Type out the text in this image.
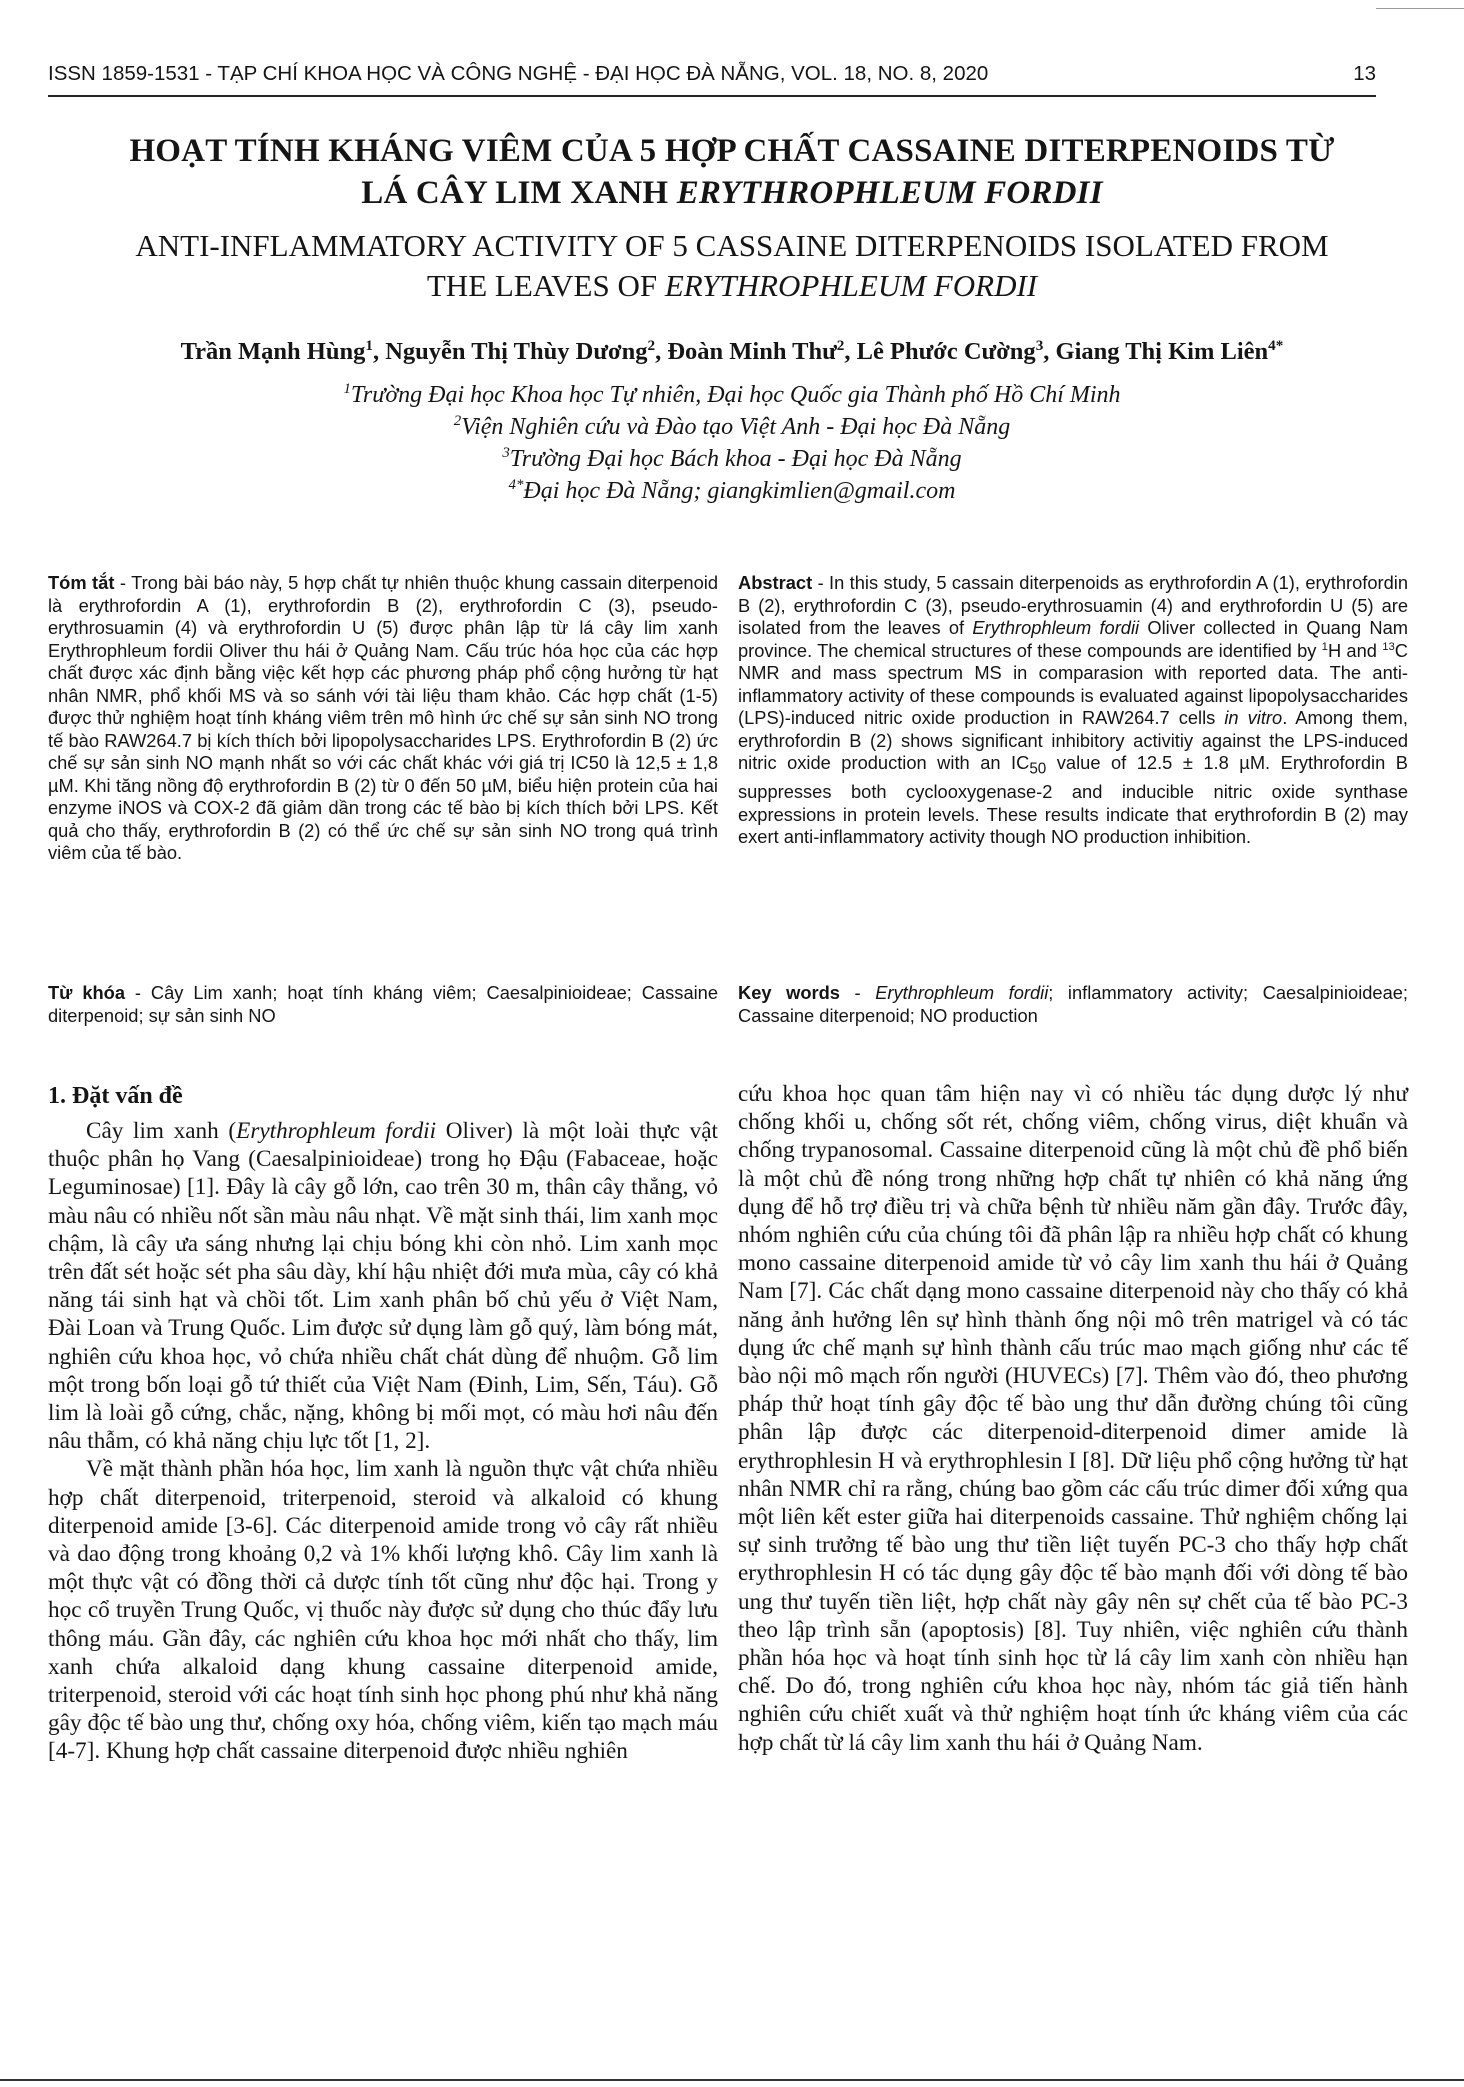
ISSN 1859-1531 - TẠP CHÍ KHOA HỌC VÀ CÔNG NGHỆ - ĐẠI HỌC ĐÀ NẴNG, VOL. 18, NO. 8, 2020	13
HOẠT TÍNH KHÁNG VIÊM CỦA 5 HỢP CHẤT CASSAINE DITERPENOIDS TỪ
LÁ CÂY LIM XANH ERYTHROPHLEUM FORDII
ANTI-INFLAMMATORY ACTIVITY OF 5 CASSAINE DITERPENOIDS ISOLATED FROM
THE LEAVES OF ERYTHROPHLEUM FORDII
Trần Mạnh Hùng$^1$, Nguyễn Thị Thùy Dương$^2$, Đoàn Minh Thư$^2$, Lê Phước Cường$^3$, Giang Thị Kim Liên$^{4*}$
$^1$Trường Đại học Khoa học Tự nhiên, Đại học Quốc gia Thành phố Hồ Chí Minh
$^2$Viện Nghiên cứu và Đào tạo Việt Anh - Đại học Đà Nẵng
$^3$Trường Đại học Bách khoa - Đại học Đà Nẵng
$^{4*}$Đại học Đà Nẵng; giangkimlien@gmail.com
Tóm tắt - Trong bài báo này, 5 hợp chất tự nhiên thuộc khung cassain diterpenoid là erythrofordin A (1), erythrofordin B (2), erythrofordin C (3), pseudo-erythrosuamin (4) và erythrofordin U (5) được phân lập từ lá cây lim xanh Erythrophleum fordii Oliver thu hái ở Quảng Nam. Cấu trúc hóa học của các hợp chất được xác định bằng việc kết hợp các phương pháp phổ cộng hưởng từ hạt nhân NMR, phổ khối MS và so sánh với tài liệu tham khảo. Các hợp chất (1-5) được thử nghiệm hoạt tính kháng viêm trên mô hình ức chế sự sản sinh NO trong tế bào RAW264.7 bị kích thích bởi lipopolysaccharides LPS. Erythrofordin B (2) ức chế sự sản sinh NO mạnh nhất so với các chất khác với giá trị IC50 là 12,5 ± 1,8 µM. Khi tăng nồng độ erythrofordin B (2) từ 0 đến 50 µM, biểu hiện protein của hai enzyme iNOS và COX-2 đã giảm dần trong các tế bào bị kích thích bởi LPS. Kết quả cho thấy, erythrofordin B (2) có thể ức chế sự sản sinh NO trong quá trình viêm của tế bào.
Abstract - In this study, 5 cassain diterpenoids as erythrofordin A (1), erythrofordin B (2), erythrofordin C (3), pseudo-erythrosuamin (4) and erythrofordin U (5) are isolated from the leaves of Erythrophleum fordii Oliver collected in Quang Nam province. The chemical structures of these compounds are identified by $^1$H and $^{13}$C NMR and mass spectrum MS in comparasion with reported data. The anti-inflammatory activity of these compounds is evaluated against lipopolysaccharides (LPS)-induced nitric oxide production in RAW264.7 cells in vitro. Among them, erythrofordin B (2) shows significant inhibitory activitiy against the LPS-induced nitric oxide production with an $IC_{50}$ value of 12.5 ± 1.8 µM. Erythrofordin B suppresses both cyclooxygenase-2 and inducible nitric oxide synthase expressions in protein levels. These results indicate that erythrofordin B (2) may exert anti-inflammatory activity though NO production inhibition.
Từ khóa - Cây Lim xanh; hoạt tính kháng viêm; Caesalpinioideae; Cassaine diterpenoid; sự sản sinh NO
Key words - Erythrophleum fordii; inflammatory activity; Caesalpinioideae; Cassaine diterpenoid; NO production
1. Đặt vấn đề

Cây lim xanh (Erythrophleum fordii Oliver) là một loài thực vật thuộc phân họ Vang (Caesalpinioideae) trong họ Đậu (Fabaceae, hoặc Leguminosae) [1]. Đây là cây gỗ lớn, cao trên 30 m, thân cây thẳng, vỏ màu nâu có nhiều nốt sần màu nâu nhạt. Về mặt sinh thái, lim xanh mọc chậm, là cây ưa sáng nhưng lại chịu bóng khi còn nhỏ. Lim xanh mọc trên đất sét hoặc sét pha sâu dày, khí hậu nhiệt đới mưa mùa, cây có khả năng tái sinh hạt và chồi tốt. Lim xanh phân bố chủ yếu ở Việt Nam, Đài Loan và Trung Quốc. Lim được sử dụng làm gỗ quý, làm bóng mát, nghiên cứu khoa học, vỏ chứa nhiều chất chát dùng để nhuộm. Gỗ lim một trong bốn loại gỗ tứ thiết của Việt Nam (Đinh, Lim, Sến, Táu). Gỗ lim là loài gỗ cứng, chắc, nặng, không bị mối mọt, có màu hơi nâu đến nâu thẫm, có khả năng chịu lực tốt [1, 2].

Về mặt thành phần hóa học, lim xanh là nguồn thực vật chứa nhiều hợp chất diterpenoid, triterpenoid, steroid và alkaloid có khung diterpenoid amide [3-6]. Các diterpenoid amide trong vỏ cây rất nhiều và dao động trong khoảng 0,2 và 1% khối lượng khô. Cây lim xanh là một thực vật có đồng thời cả dược tính tốt cũng như độc hại. Trong y học cổ truyền Trung Quốc, vị thuốc này được sử dụng cho thúc đẩy lưu thông máu. Gần đây, các nghiên cứu khoa học mới nhất cho thấy, lim xanh chứa alkaloid dạng khung cassaine diterpenoid amide, triterpenoid, steroid với các hoạt tính sinh học phong phú như khả năng gây độc tế bào ung thư, chống oxy hóa, chống viêm, kiến tạo mạch máu [4-7]. Khung hợp chất cassaine diterpenoid được nhiều nghiên

cứu khoa học quan tâm hiện nay vì có nhiều tác dụng dược lý như chống khối u, chống sốt rét, chống viêm, chống virus, diệt khuẩn và chống trypanosomal. Cassaine diterpenoid cũng là một chủ đề phổ biến là một chủ đề nóng trong những hợp chất tự nhiên có khả năng ứng dụng để hỗ trợ điều trị và chữa bệnh từ nhiều năm gần đây. Trước đây, nhóm nghiên cứu của chúng tôi đã phân lập ra nhiều hợp chất có khung mono cassaine diterpenoid amide từ vỏ cây lim xanh thu hái ở Quảng Nam [7]. Các chất dạng mono cassaine diterpenoid này cho thấy có khả năng ảnh hưởng lên sự hình thành ống nội mô trên matrigel và có tác dụng ức chế mạnh sự hình thành cấu trúc mao mạch giống như các tế bào nội mô mạch rốn người (HUVECs) [7]. Thêm vào đó, theo phương pháp thử hoạt tính gây độc tế bào ung thư dẫn đường chúng tôi cũng phân lập được các diterpenoid-diterpenoid dimer amide là erythrophlesin H và erythrophlesin I [8]. Dữ liệu phổ cộng hưởng từ hạt nhân NMR chỉ ra rằng, chúng bao gồm các cấu trúc dimer đối xứng qua một liên kết ester giữa hai diterpenoids cassaine. Thử nghiệm chống lại sự sinh trưởng tế bào ung thư tiền liệt tuyến PC-3 cho thấy hợp chất erythrophlesin H có tác dụng gây độc tế bào mạnh đối với dòng tế bào ung thư tuyến tiền liệt, hợp chất này gây nên sự chết của tế bào PC-3 theo lập trình sẵn (apoptosis) [8]. Tuy nhiên, việc nghiên cứu thành phần hóa học và hoạt tính sinh học từ lá cây lim xanh còn nhiều hạn chế. Do đó, trong nghiên cứu khoa học này, nhóm tác giả tiến hành nghiên cứu chiết xuất và thử nghiệm hoạt tính ức kháng viêm của các hợp chất từ lá cây lim xanh thu hái ở Quảng Nam.
